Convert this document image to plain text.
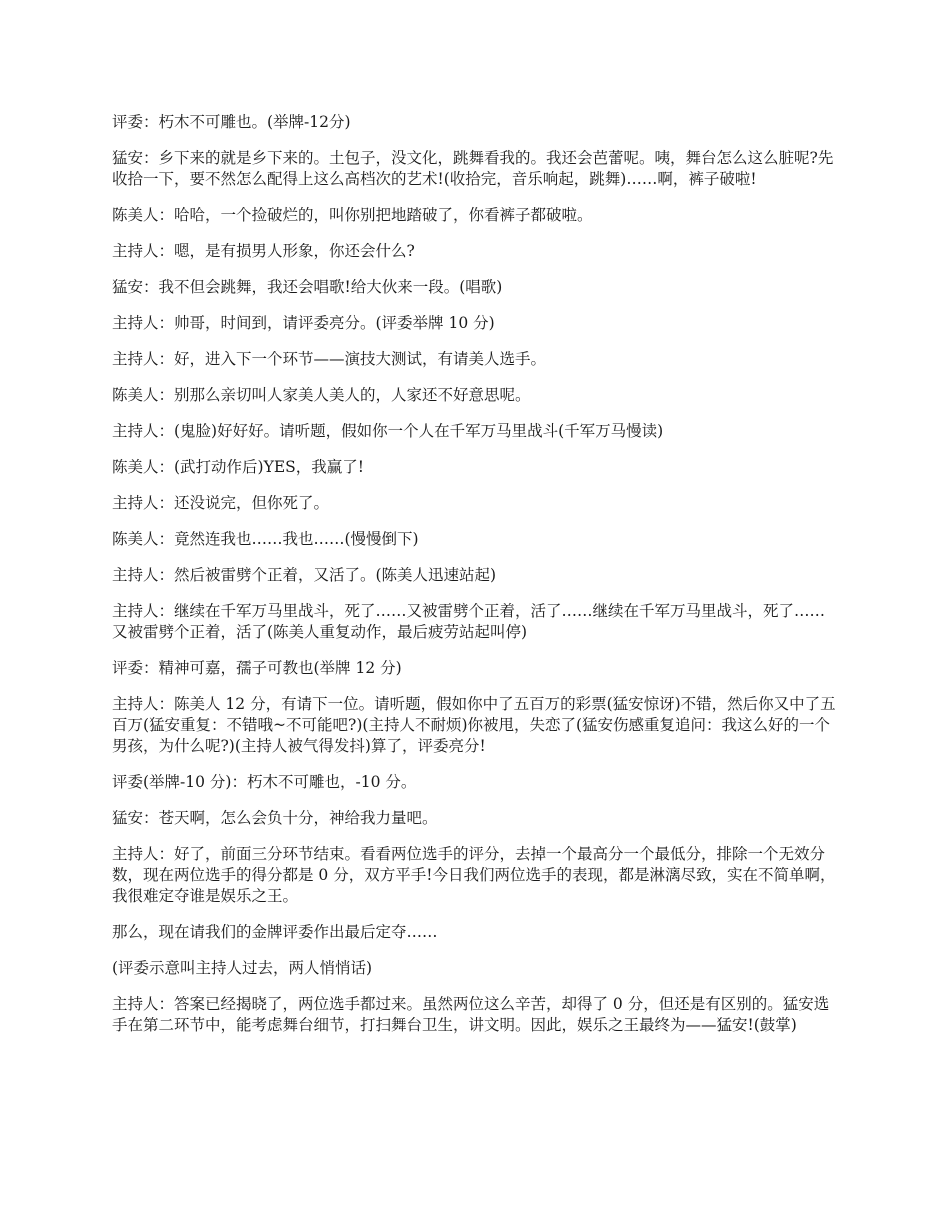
评委：朽木不可雕也。(举牌-12分)

猛安：乡下来的就是乡下来的。土包子，没文化，跳舞看我的。我还会芭蕾呢。咦，舞台怎么这么脏呢?先收拾一下，要不然怎么配得上这么高档次的艺术!(收拾完，音乐响起，跳舞)……啊，裤子破啦!

陈美人：哈哈，一个捡破烂的，叫你别把地踏破了，你看裤子都破啦。

主持人：嗯，是有损男人形象，你还会什么?

猛安：我不但会跳舞，我还会唱歌!给大伙来一段。(唱歌)

主持人：帅哥，时间到，请评委亮分。(评委举牌 10 分)

主持人：好，进入下一个环节——演技大测试，有请美人选手。

陈美人：别那么亲切叫人家美人美人的，人家还不好意思呢。

主持人：(鬼脸)好好好。请听题，假如你一个人在千军万马里战斗(千军万马慢读)

陈美人：(武打动作后)YES，我赢了!

主持人：还没说完，但你死了。

陈美人：竟然连我也……我也……(慢慢倒下)

主持人：然后被雷劈个正着，又活了。(陈美人迅速站起)

主持人：继续在千军万马里战斗，死了……又被雷劈个正着，活了……继续在千军万马里战斗，死了……又被雷劈个正着，活了(陈美人重复动作，最后疲劳站起叫停)

评委：精神可嘉，孺子可教也(举牌 12 分)

主持人：陈美人 12 分，有请下一位。请听题，假如你中了五百万的彩票(猛安惊讶)不错，然后你又中了五百万(猛安重复：不错哦~不可能吧?)(主持人不耐烦)你被甩，失恋了(猛安伤感重复追问：我这么好的一个男孩，为什么呢?)(主持人被气得发抖)算了，评委亮分!

评委(举牌-10 分)：朽木不可雕也，-10 分。

猛安：苍天啊，怎么会负十分，神给我力量吧。

主持人：好了，前面三分环节结束。看看两位选手的评分，去掉一个最高分一个最低分，排除一个无效分数，现在两位选手的得分都是 0 分，双方平手!今日我们两位选手的表现，都是淋漓尽致，实在不简单啊，我很难定夺谁是娱乐之王。

那么，现在请我们的金牌评委作出最后定夺……

(评委示意叫主持人过去，两人悄悄话)

主持人：答案已经揭晓了，两位选手都过来。虽然两位这么辛苦，却得了 0 分，但还是有区别的。猛安选手在第二环节中，能考虑舞台细节，打扫舞台卫生，讲文明。因此，娱乐之王最终为——猛安!(鼓掌)
